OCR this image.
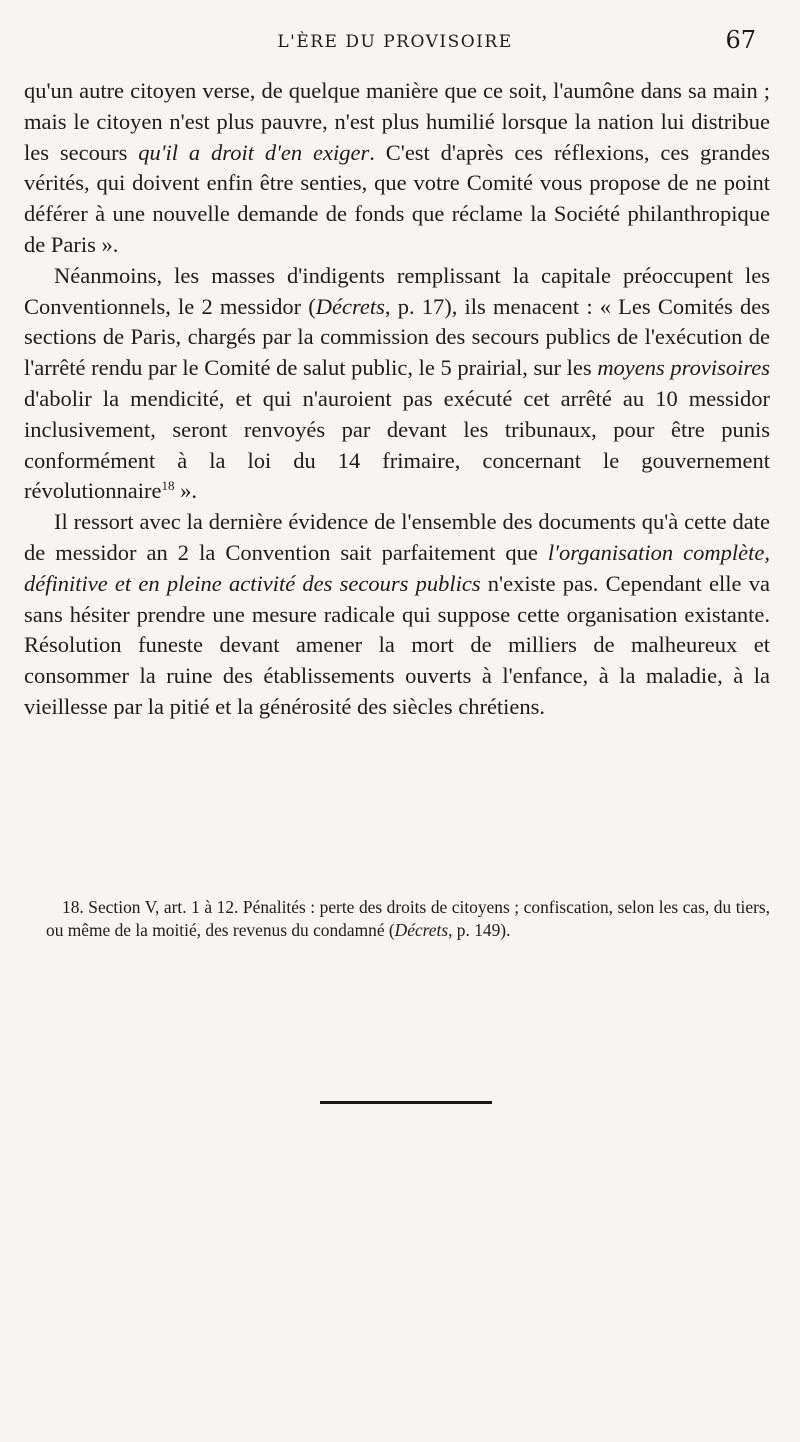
L'ÈRE DU PROVISOIRE	67

qu'un autre citoyen verse, de quelque manière que ce soit, l'aumône dans sa main ; mais le citoyen n'est plus pauvre, n'est plus humilié lorsque la nation lui distribue les secours qu'il a droit d'en exiger. C'est d'après ces réflexions, ces grandes vérités, qui doivent enfin être senties, que votre Comité vous propose de ne point déférer à une nouvelle demande de fonds que réclame la Société philanthropique de Paris ».

Néanmoins, les masses d'indigents remplissant la capitale préoccupent les Conventionnels, le 2 messidor (Décrets, p. 17), ils menacent : « Les Comités des sections de Paris, chargés par la commission des secours publics de l'exécution de l'arrêté rendu par le Comité de salut public, le 5 prairial, sur les moyens provisoires d'abolir la mendicité, et qui n'auroient pas exécuté cet arrêté au 10 messidor inclusivement, seront renvoyés par devant les tribunaux, pour être punis conformément à la loi du 14 frimaire, concernant le gouvernement révolutionnaire$^{18}$ ».

Il ressort avec la dernière évidence de l'ensemble des documents qu'à cette date de messidor an 2 la Convention sait parfaitement que l'organisation complète, définitive et en pleine activité des secours publics n'existe pas. Cependant elle va sans hésiter prendre une mesure radicale qui suppose cette organisation existante. Résolution funeste devant amener la mort de milliers de malheureux et consommer la ruine des établissements ouverts à l'enfance, à la maladie, à la vieillesse par la pitié et la générosité des siècles chrétiens.

18. Section V, art. 1 à 12. Pénalités : perte des droits de citoyens ; confiscation, selon les cas, du tiers, ou même de la moitié, des revenus du condamné (Décrets, p. 149).
